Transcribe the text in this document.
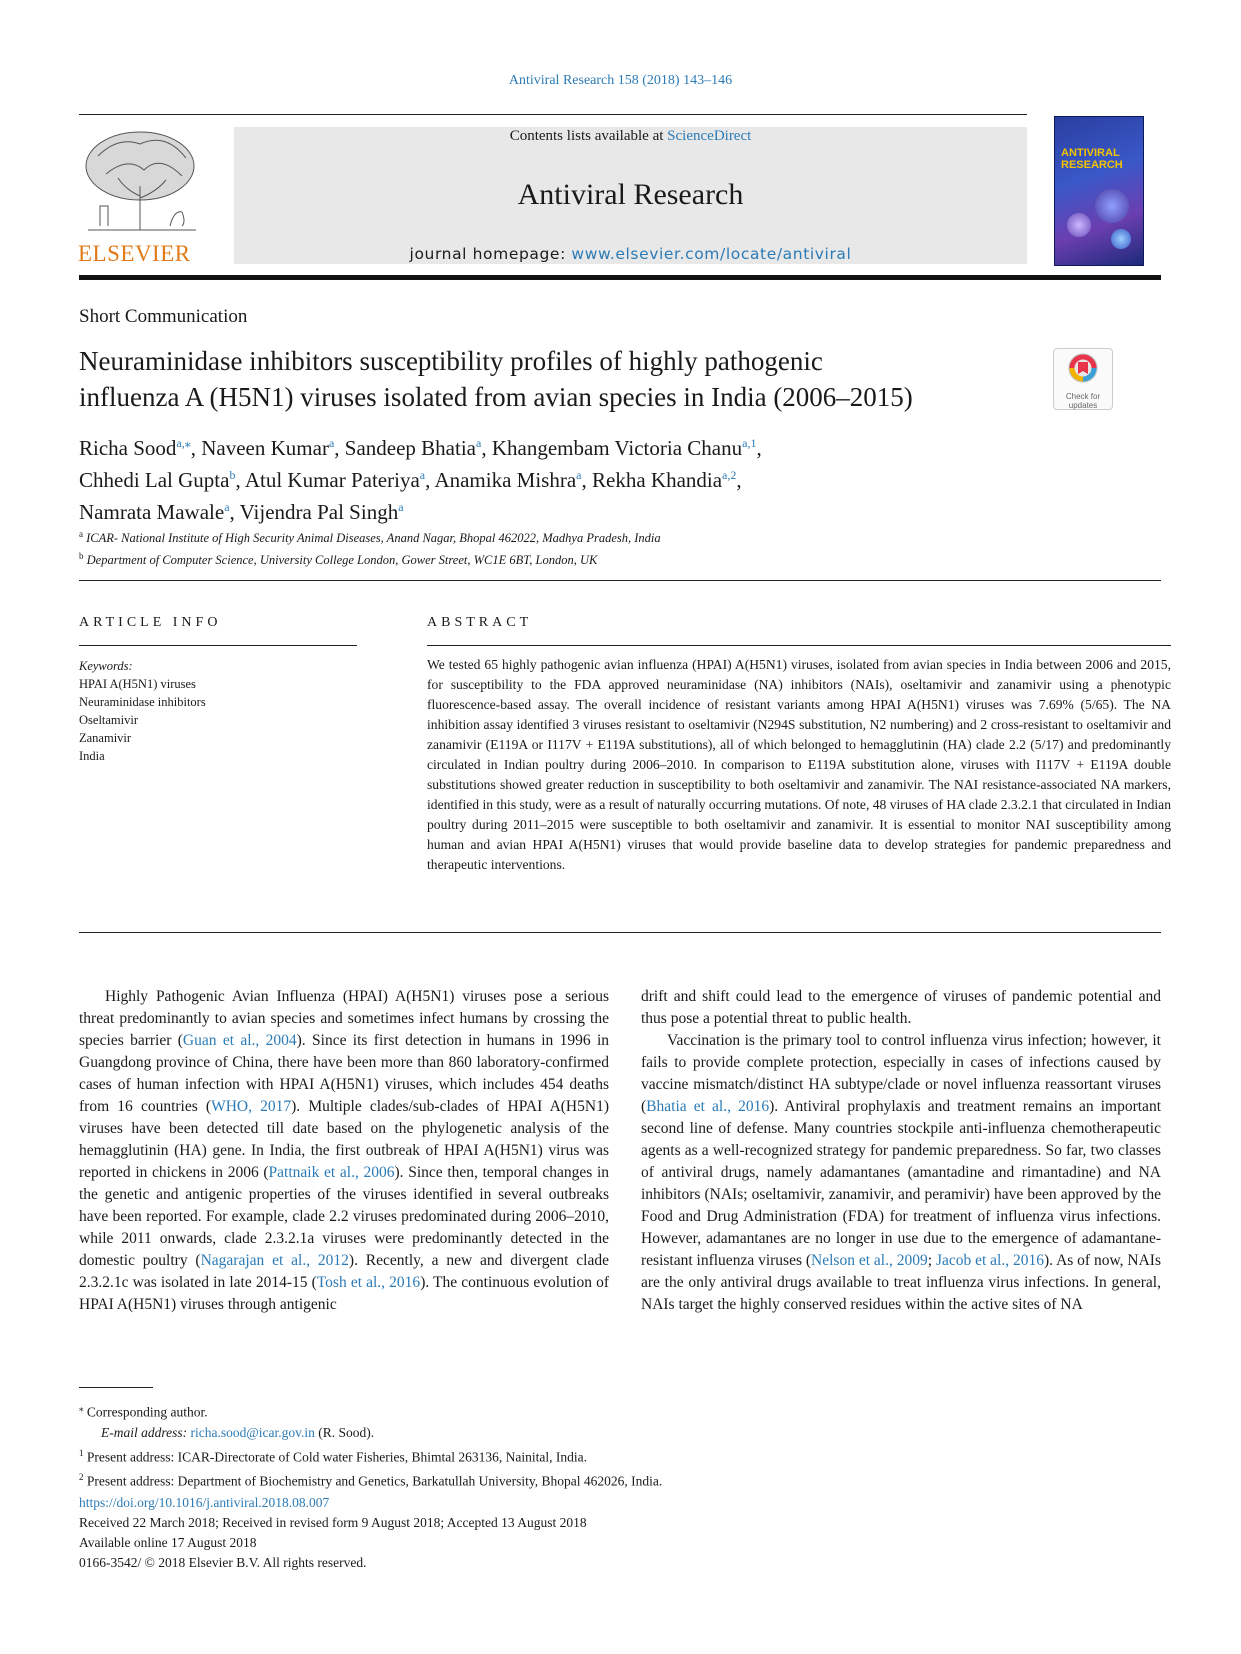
Antiviral Research 158 (2018) 143–146
ELSEVIER
Contents lists available at ScienceDirect
Antiviral Research
journal homepage: www.elsevier.com/locate/antiviral
ANTIVIRAL RESEARCH
Short Communication
Neuraminidase inhibitors susceptibility profiles of highly pathogenic
influenza A (H5N1) viruses isolated from avian species in India (2006–2015)	Check for updates
Richa Sood$^{a,⁎}$, Naveen Kumar$^a$, Sandeep Bhatia$^a$, Khangembam Victoria Chanu$^{a,1}$,
Chhedi Lal Gupta$^b$, Atul Kumar Pateriya$^a$, Anamika Mishra$^a$, Rekha Khandia$^{a,2}$,
Namrata Mawale$^a$, Vijendra Pal Singh$^a$
$^a$ ICAR- National Institute of High Security Animal Diseases, Anand Nagar, Bhopal 462022, Madhya Pradesh, India
$^b$ Department of Computer Science, University College London, Gower Street, WC1E 6BT, London, UK
ARTICLE INFO
Keywords:
HPAI A(H5N1) viruses
Neuraminidase inhibitors
Oseltamivir
Zanamivir
India
ABSTRACT
We tested 65 highly pathogenic avian influenza (HPAI) A(H5N1) viruses, isolated from avian species in India between 2006 and 2015, for susceptibility to the FDA approved neuraminidase (NA) inhibitors (NAIs), oseltamivir and zanamivir using a phenotypic fluorescence-based assay. The overall incidence of resistant variants among HPAI A(H5N1) viruses was 7.69% (5/65). The NA inhibition assay identified 3 viruses resistant to oseltamivir (N294S substitution, N2 numbering) and 2 cross-resistant to oseltamivir and zanamivir (E119A or I117V + E119A substitutions), all of which belonged to hemagglutinin (HA) clade 2.2 (5/17) and predominantly circulated in Indian poultry during 2006–2010. In comparison to E119A substitution alone, viruses with I117V + E119A double substitutions showed greater reduction in susceptibility to both oseltamivir and zanamivir. The NAI resistance-associated NA markers, identified in this study, were as a result of naturally occurring mutations. Of note, 48 viruses of HA clade 2.3.2.1 that circulated in Indian poultry during 2011–2015 were susceptible to both oseltamivir and zanamivir. It is essential to monitor NAI susceptibility among human and avian HPAI A(H5N1) viruses that would provide baseline data to develop strategies for pandemic preparedness and therapeutic interventions.
Highly Pathogenic Avian Influenza (HPAI) A(H5N1) viruses pose a serious threat predominantly to avian species and sometimes infect humans by crossing the species barrier (Guan et al., 2004). Since its first detection in humans in 1996 in Guangdong province of China, there have been more than 860 laboratory-confirmed cases of human infection with HPAI A(H5N1) viruses, which includes 454 deaths from 16 countries (WHO, 2017). Multiple clades/sub-clades of HPAI A(H5N1) viruses have been detected till date based on the phylogenetic analysis of the hemagglutinin (HA) gene. In India, the first outbreak of HPAI A(H5N1) virus was reported in chickens in 2006 (Pattnaik et al., 2006). Since then, temporal changes in the genetic and antigenic properties of the viruses identified in several outbreaks have been reported. For example, clade 2.2 viruses predominated during 2006–2010, while 2011 onwards, clade 2.3.2.1a viruses were predominantly detected in the domestic poultry (Nagarajan et al., 2012). Recently, a new and divergent clade 2.3.2.1c was isolated in late 2014-15 (Tosh et al., 2016). The continuous evolution of HPAI A(H5N1) viruses through antigenic
drift and shift could lead to the emergence of viruses of pandemic potential and thus pose a potential threat to public health.
Vaccination is the primary tool to control influenza virus infection; however, it fails to provide complete protection, especially in cases of infections caused by vaccine mismatch/distinct HA subtype/clade or novel influenza reassortant viruses (Bhatia et al., 2016). Antiviral prophylaxis and treatment remains an important second line of defense. Many countries stockpile anti-influenza chemotherapeutic agents as a well-recognized strategy for pandemic preparedness. So far, two classes of antiviral drugs, namely adamantanes (amantadine and rimantadine) and NA inhibitors (NAIs; oseltamivir, zanamivir, and peramivir) have been approved by the Food and Drug Administration (FDA) for treatment of influenza virus infections. However, adamantanes are no longer in use due to the emergence of adamantane-resistant influenza viruses (Nelson et al., 2009; Jacob et al., 2016). As of now, NAIs are the only antiviral drugs available to treat influenza virus infections. In general, NAIs target the highly conserved residues within the active sites of NA
⁎ Corresponding author.
E-mail address: richa.sood@icar.gov.in (R. Sood).
$^1$ Present address: ICAR-Directorate of Cold water Fisheries, Bhimtal 263136, Nainital, India.
$^2$ Present address: Department of Biochemistry and Genetics, Barkatullah University, Bhopal 462026, India.
https://doi.org/10.1016/j.antiviral.2018.08.007
Received 22 March 2018; Received in revised form 9 August 2018; Accepted 13 August 2018
Available online 17 August 2018
0166-3542/ © 2018 Elsevier B.V. All rights reserved.
